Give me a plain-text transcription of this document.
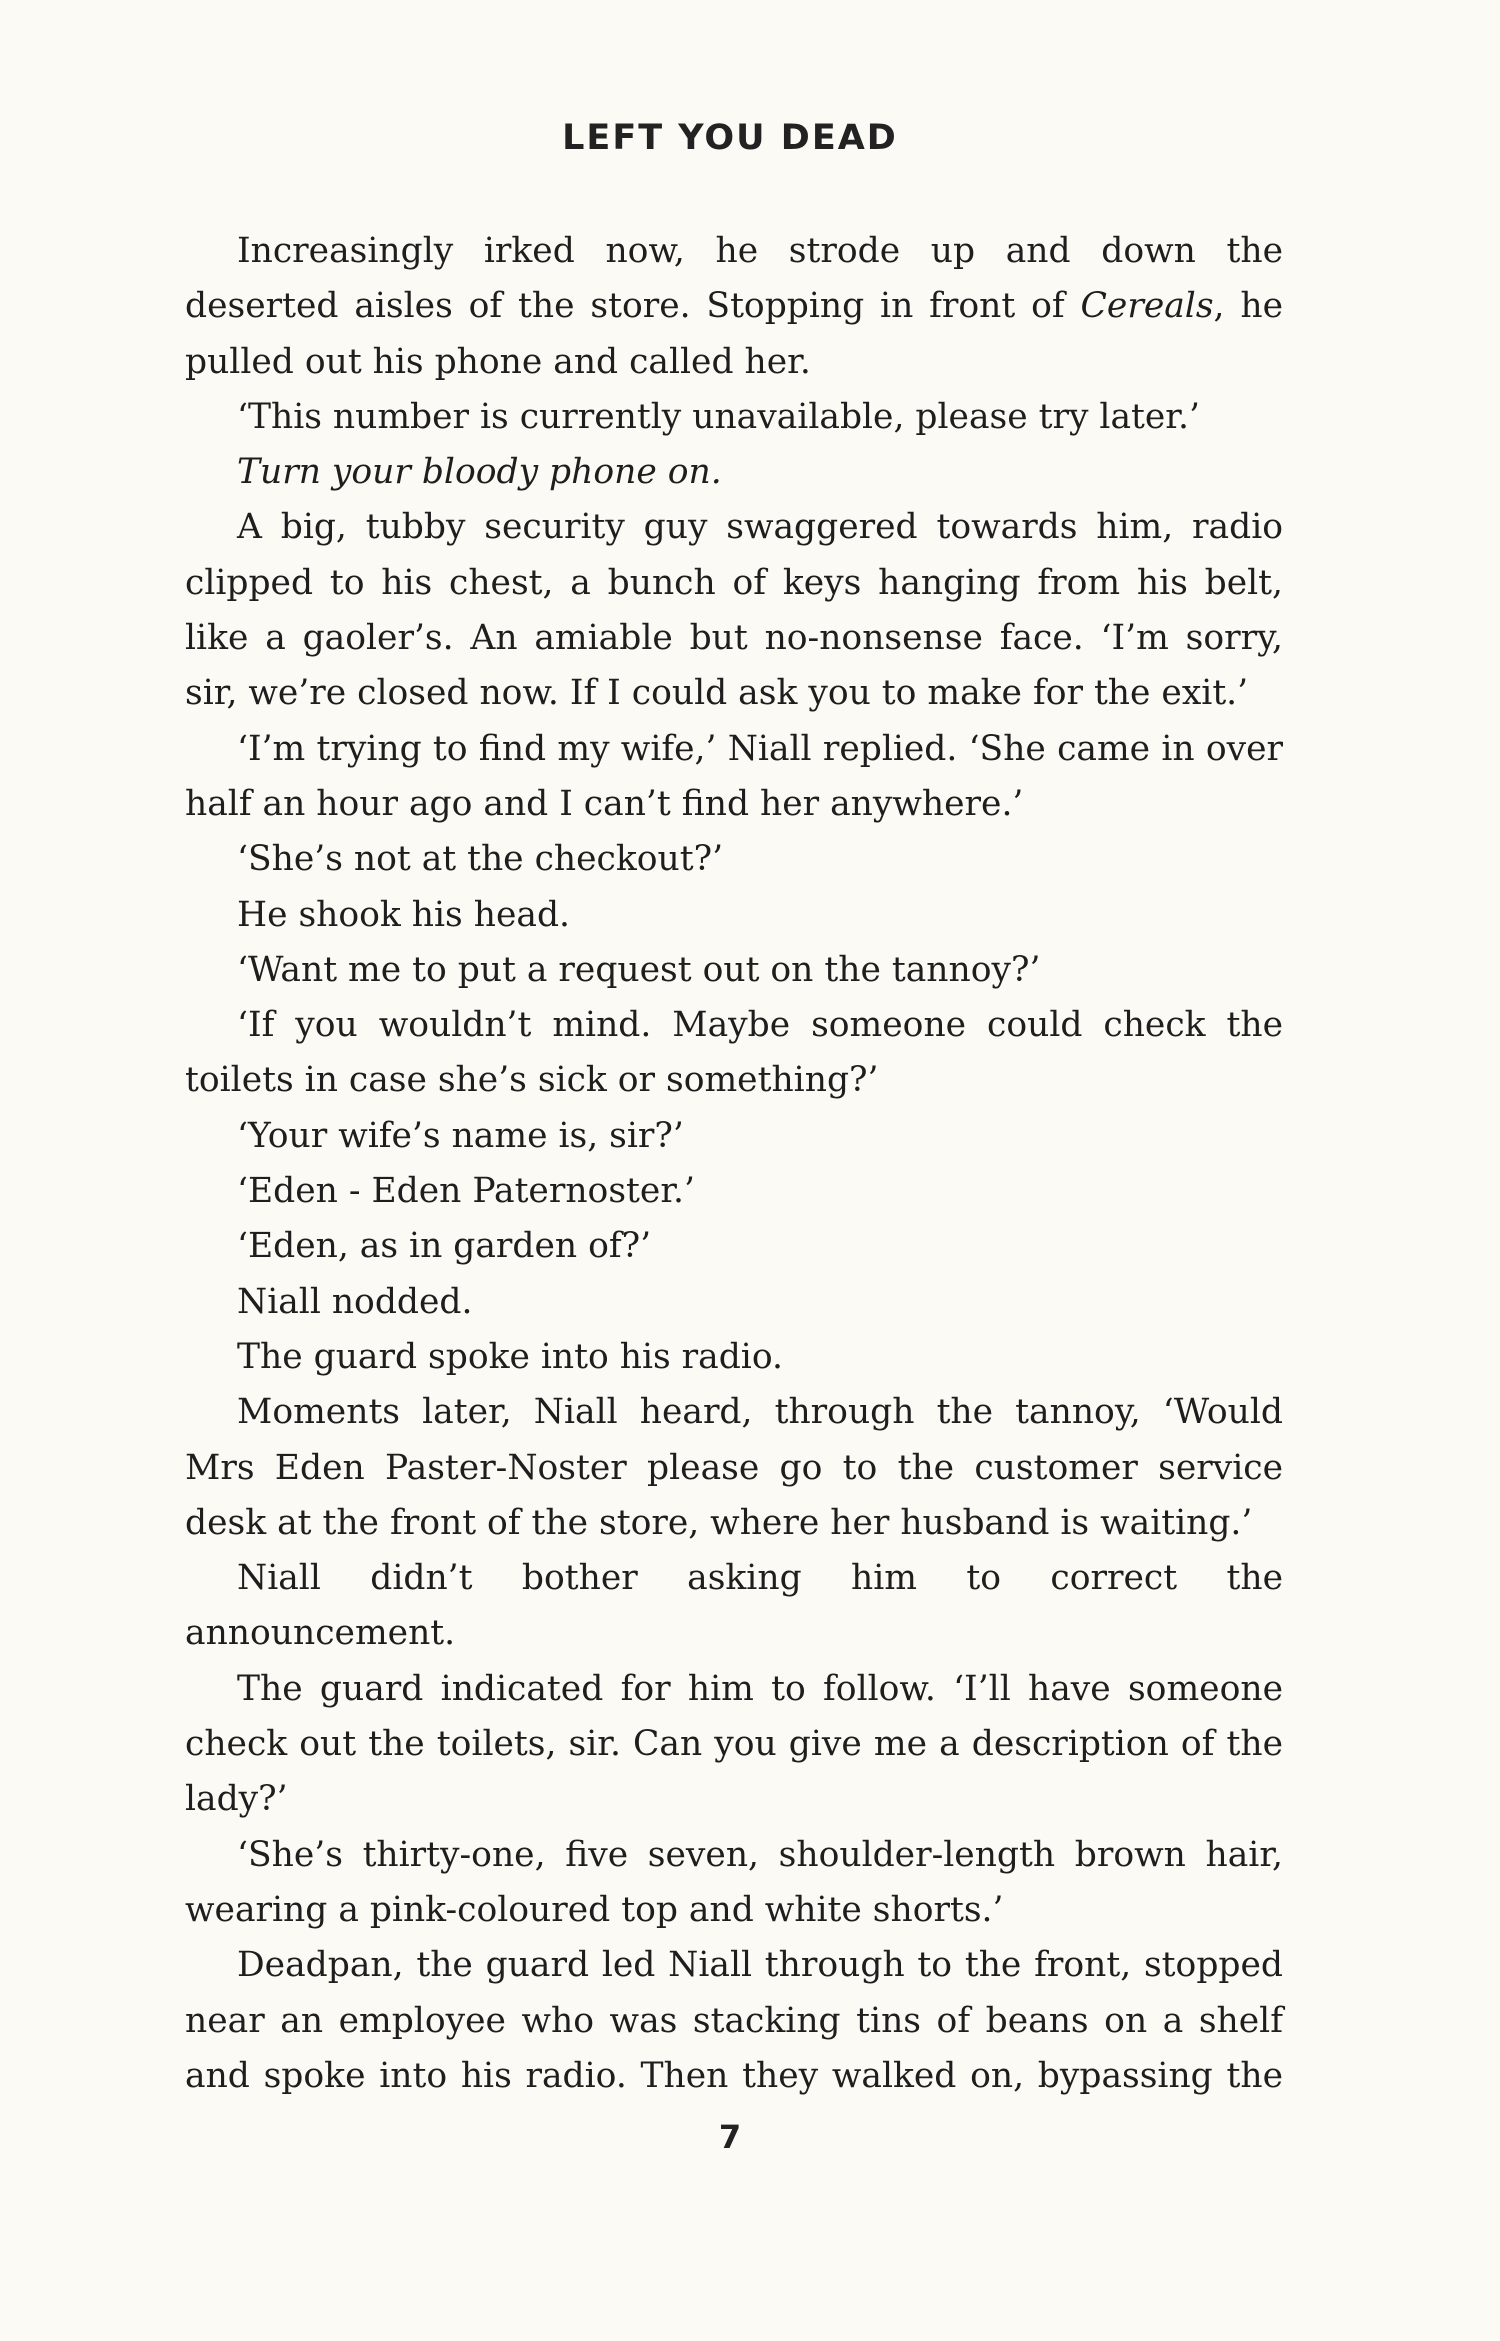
LEFT YOU DEAD

Increasingly irked now, he strode up and down the deserted aisles of the store. Stopping in front of Cereals, he pulled out his phone and called her.

‘This number is currently unavailable, please try later.’

Turn your bloody phone on.

A big, tubby security guy swaggered towards him, radio clipped to his chest, a bunch of keys hanging from his belt, like a gaoler’s. An amiable but no-nonsense face. ‘I’m sorry, sir, we’re closed now. If I could ask you to make for the exit.’

‘I’m trying to find my wife,’ Niall replied. ‘She came in over half an hour ago and I can’t find her anywhere.’

‘She’s not at the checkout?’

He shook his head.

‘Want me to put a request out on the tannoy?’

‘If you wouldn’t mind. Maybe someone could check the toilets in case she’s sick or something?’

‘Your wife’s name is, sir?’

‘Eden - Eden Paternoster.’

‘Eden, as in garden of?’

Niall nodded.

The guard spoke into his radio.

Moments later, Niall heard, through the tannoy, ‘Would Mrs Eden Paster-Noster please go to the customer service desk at the front of the store, where her husband is waiting.’

Niall didn’t bother asking him to correct the announcement.

The guard indicated for him to follow. ‘I’ll have someone check out the toilets, sir. Can you give me a description of the lady?’

‘She’s thirty-one, five seven, shoulder-length brown hair, wearing a pink-coloured top and white shorts.’

Deadpan, the guard led Niall through to the front, stopped near an employee who was stacking tins of beans on a shelf and spoke into his radio. Then they walked on, bypassing the

7
